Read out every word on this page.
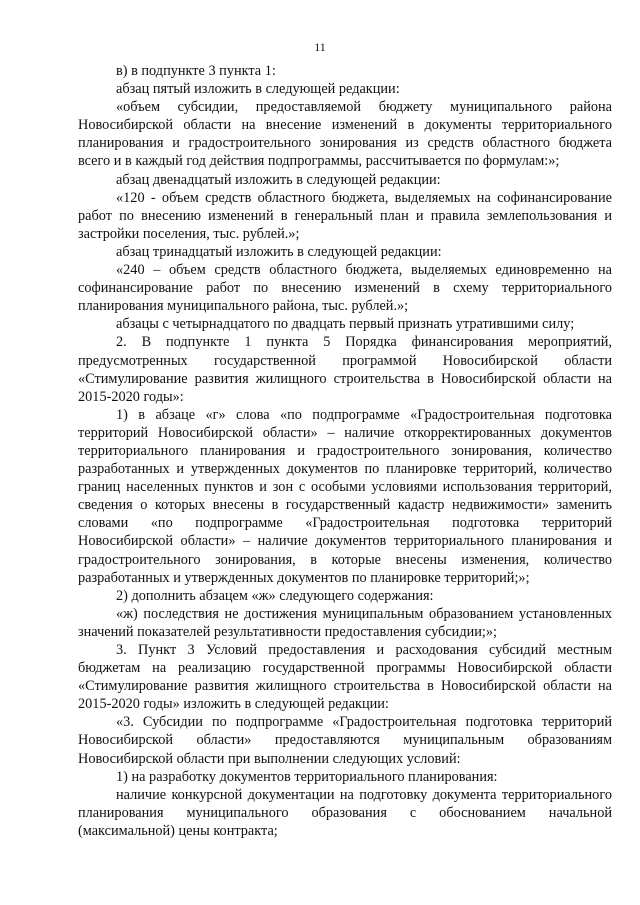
11

в) в подпункте 3 пункта 1:

абзац пятый изложить в следующей редакции:

«объем субсидии, предоставляемой бюджету муниципального района Новосибирской области на внесение изменений в документы территориального планирования и градостроительного зонирования из средств областного бюджета всего и в каждый год действия подпрограммы, рассчитывается по формулам:»;

абзац двенадцатый изложить в следующей редакции:

«120 - объем средств областного бюджета, выделяемых на софинансирование работ по внесению изменений в генеральный план и правила землепользования и застройки поселения, тыс. рублей.»;

абзац тринадцатый изложить в следующей редакции:

«240 – объем средств областного бюджета, выделяемых единовременно на софинансирование работ по внесению изменений в схему территориального планирования муниципального района, тыс. рублей.»;

абзацы с четырнадцатого по двадцать первый признать утратившими силу;

2. В подпункте 1 пункта 5 Порядка финансирования мероприятий, предусмотренных государственной программой Новосибирской области «Стимулирование развития жилищного строительства в Новосибирской области на 2015-2020 годы»:

1) в абзаце «г» слова «по подпрограмме «Градостроительная подготовка территорий Новосибирской области» – наличие откорректированных документов территориального планирования и градостроительного зонирования, количество разработанных и утвержденных документов по планировке территорий, количество границ населенных пунктов и зон с особыми условиями использования территорий, сведения о которых внесены в государственный кадастр недвижимости» заменить словами «по подпрограмме «Градостроительная подготовка территорий Новосибирской области» – наличие документов территориального планирования и градостроительного зонирования, в которые внесены изменения, количество разработанных и утвержденных документов по планировке территорий;»;

2) дополнить абзацем «ж» следующего содержания:

«ж) последствия не достижения муниципальным образованием установленных значений показателей результативности предоставления субсидии;»;

3. Пункт 3 Условий предоставления и расходования субсидий местным бюджетам на реализацию государственной программы Новосибирской области «Стимулирование развития жилищного строительства в Новосибирской области на 2015-2020 годы» изложить в следующей редакции:

«3. Субсидии по подпрограмме «Градостроительная подготовка территорий Новосибирской области» предоставляются муниципальным образованиям Новосибирской области при выполнении следующих условий:

1) на разработку документов территориального планирования:

наличие конкурсной документации на подготовку документа территориального планирования муниципального образования с обоснованием начальной (максимальной) цены контракта;
